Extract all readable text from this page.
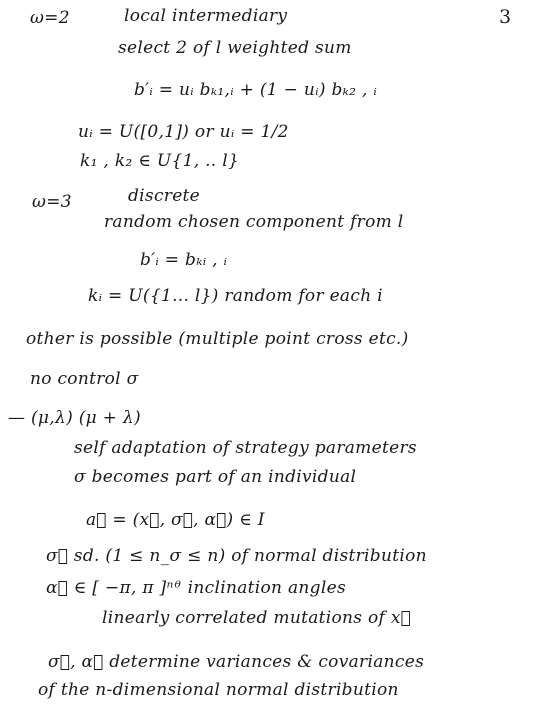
3
ω=2	local intermediary
select 2 of l weighted sum
b′ᵢ = uᵢ bₖ₁,ᵢ + (1 − uᵢ) bₖ₂ , ᵢ
uᵢ = U([0,1]) or uᵢ = 1/2
k₁ , k₂ ∈ U{1, .. l}
ω=3	discrete
random chosen component from l
b′ᵢ = bₖᵢ , ᵢ
kᵢ = U({1... l}) random for each i
other is possible (multiple point cross etc.)
no control σ
— (μ,λ) (μ + λ)
self adaptation of strategy parameters
σ becomes part of an individual
a⃗ = (x⃗, σ⃗, α⃗) ∈ I
σ⃗ sd. (1 ≤ n_σ ≤ n) of normal distribution
α⃗ ∈ [ −π, π ]ⁿᶿ inclination angles
linearly correlated mutations of x⃗
σ⃗, α⃗ determine variances & covariances
of the n-dimensional normal distribution
